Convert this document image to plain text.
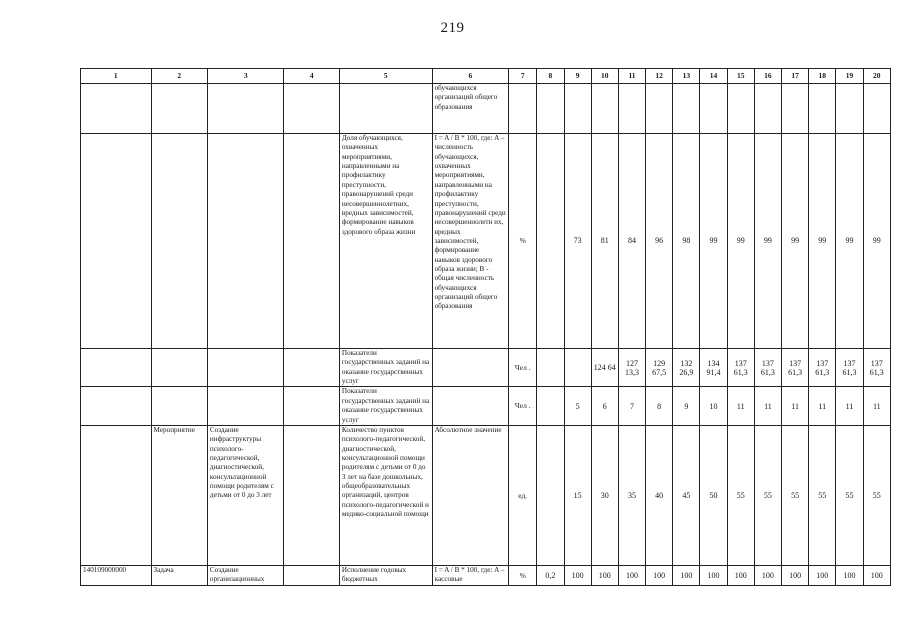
219
1	2	3	4	5	6	7	8	9	10	11	12	13	14	15	16	17	18	19	20
					обучающихся организаций общего образования														
				Доля обучающихся, охваченных мероприятиями, направленными на профилактику преступности, правонарушений среди несовершеннолетних, вредных зависимостей, формирование навыков здорового образа жизни	I = A / B * 100, где: A – численность обучающихся, охваченных мероприятиями, направленными на профилактику преступности, правонарушений среди несовершеннолетн их, вредных зависимостей, формирование навыков здорового образа жизни; B - общая численность обучающихся организаций общего образования	%		73	81	84	96	98	99	99	99	99	99	99	99
				Показатели государственных заданий на оказание государственных услуг		Чел .			124 64	127 13,3	129 67,5	132 26,9	134 91,4	137 61,3	137 61,3	137 61,3	137 61,3	137 61,3	137 61,3
				Показатели государственных заданий на оказание государственных услуг		Чел .		5	6	7	8	9	10	11	11	11	11	11	11
	Мероприятие	Создание инфраструктуры психолого-педагогической, диагностической, консультационной помощи родителям с детьми от 0 до 3 лет		Количество пунктов психолого-педагогической, диагностической, консультационной помощи родителям с детьми от 0 до 3 лет на базе дошкольных, общеобразовательных организаций, центров психолого-педагогической и медико-социальной помощи	Абсолютное значение	ед.		15	30	35	40	45	50	55	55	55	55	55	55
140109000000	Задача	Создание организационных		Исполнение годовых бюджетных	I = A / B * 100, где: A – кассовые	%	0,2	100	100	100	100	100	100	100	100	100	100	100	100
